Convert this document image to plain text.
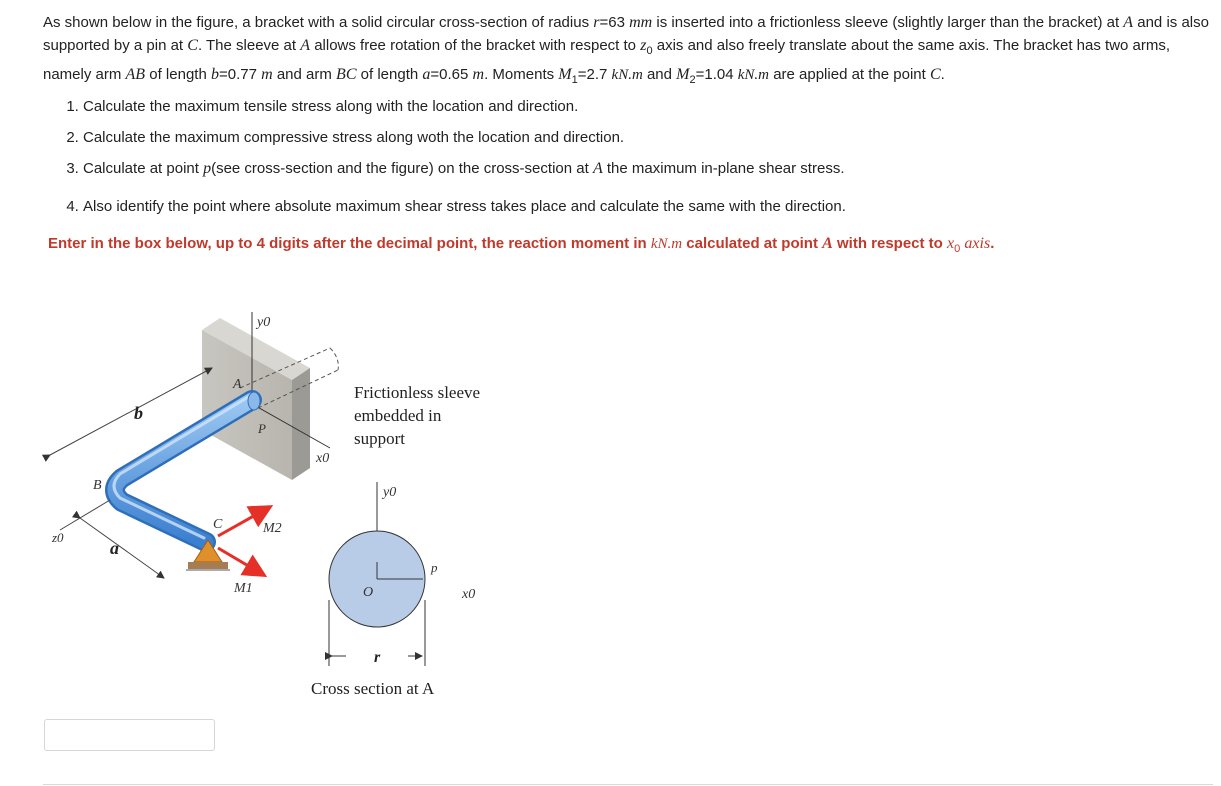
As shown below in the figure, a bracket with a solid circular cross-section of radius r=63 mm is inserted into a frictionless sleeve (slightly larger than the bracket) at A and is also supported by a pin at C. The sleeve at A allows free rotation of the bracket with respect to $z_0$ axis and also freely translate about the same axis. The bracket has two arms, namely arm AB of length b=0.77 m and arm BC of length a=0.65 m. Moments $M_1=2.7$ kN.m and $M_2=1.04$ kN.m are applied at the point C.
1. Calculate the maximum tensile stress along with the location and direction.
2. Calculate the maximum compressive stress along woth the location and direction.
3. Calculate at point p(see cross-section and the figure) on the cross-section at A the maximum in-plane shear stress.
4. Also identify the point where absolute maximum shear stress takes place and calculate the same with the direction.
Enter in the box below, up to 4 digits after the decimal point, the reaction moment in kN.m calculated at point A with respect to $x_0$ axis.
y0
b
A
P
x0
B
z0
a
C	M2
M1
Frictionless sleeve
embedded in
support
y0
p
O	x0
r
Cross section at A
